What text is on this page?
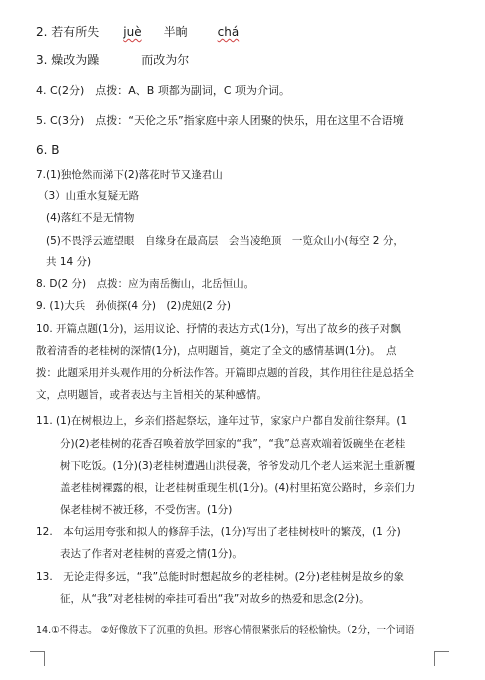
2. 若有所失 juè 半晌	chá
3. 燥改为躁	而改为尔
4. C(2分)　点拨：A、B 项都为副词，C 项为介词。
5. C(3分)　点拨：“天伦之乐”指家庭中亲人团聚的快乐，用在这里不合语境
6. B
7.(1)独怆然而涕下(2)落花时节又逢君山
（3）山重水复疑无路
(4)落红不是无情物
(5)不畏浮云遮望眼　自缘身在最高层　会当凌绝顶　一览众山小(每空 2 分，
共 14 分)
8. D(2 分)　点拨：应为南岳衡山，北岳恒山。
9. (1)大兵　孙侦探(4 分)　(2)虎妞(2 分)
10. 开篇点题(1分)，运用议论、抒情的表达方式(1分)，写出了故乡的孩子对飘
散着清香的老桂树的深情(1分)，点明题旨，奠定了全文的感情基调(1分)。　点
拨：此题采用并头观作用的分析法作答。开篇即点题的首段，其作用往往是总括全
文，点明题旨，或者表达与主旨相关的某种感情。
11. (1)在树根边上，乡亲们搭起祭坛，逢年过节，家家户户都自发前往祭拜。(1
分)(2)老桂树的花香召唤着放学回家的“我”，“我”总喜欢端着饭碗坐在老桂
树下吃饭。(1分)(3)老桂树遭遇山洪侵袭，爷爷发动几个老人运来泥土重新覆
盖老桂树裸露的根，让老桂树重现生机(1分)。(4)村里拓宽公路时，乡亲们力
保老桂树不被迁移，不受伤害。(1分)
12.　本句运用夸张和拟人的修辞手法，(1分)写出了老桂树枝叶的繁茂，(1 分)
表达了作者对老桂树的喜爱之情(1分)。
13.　无论走得多远，“我”总能时时想起故乡的老桂树。(2分)老桂树是故乡的象
征，从“我”对老桂树的牵挂可看出“我”对故乡的热爱和思念(2分)。
14.①不得志。 ②好像放下了沉重的负担。形容心情很紧张后的轻松愉快。（2分，一个词语
